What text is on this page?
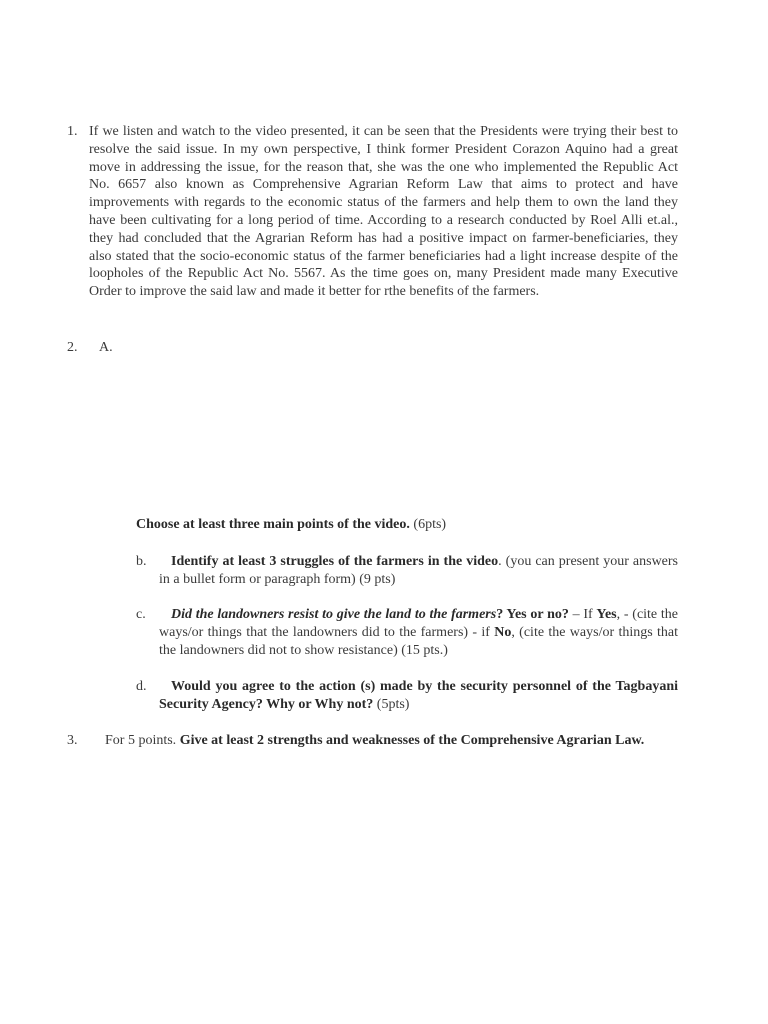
1. If we listen and watch to the video presented, it can be seen that the Presidents were trying their best to resolve the said issue. In my own perspective, I think former President Corazon Aquino had a great move in addressing the issue, for the reason that, she was the one who implemented the Republic Act No. 6657 also known as Comprehensive Agrarian Reform Law that aims to protect and have improvements with regards to the economic status of the farmers and help them to own the land they have been cultivating for a long period of time. According to a research conducted by Roel Alli et.al., they had concluded that the Agrarian Reform has had a positive impact on farmer-beneficiaries, they also stated that the socio-economic status of the farmer beneficiaries had a light increase despite of the loopholes of the Republic Act No. 5567. As the time goes on, many President made many Executive Order to improve the said law and made it better for rthe benefits of the farmers.
2. A.
Choose at least three main points of the video. (6pts)
b.	Identify at least 3 struggles of the farmers in the video. (you can present your answers in a bullet form or paragraph form) (9 pts)
c.	Did the landowners resist to give the land to the farmers? Yes or no? – If Yes, - (cite the ways/or things that the landowners did to the farmers) - if No, (cite the ways/or things that the landowners did not to show resistance) (15 pts.)
d.	Would you agree to the action (s) made by the security personnel of the Tagbayani Security Agency? Why or Why not? (5pts)
3.	For 5 points. Give at least 2 strengths and weaknesses of the Comprehensive Agrarian Law.
